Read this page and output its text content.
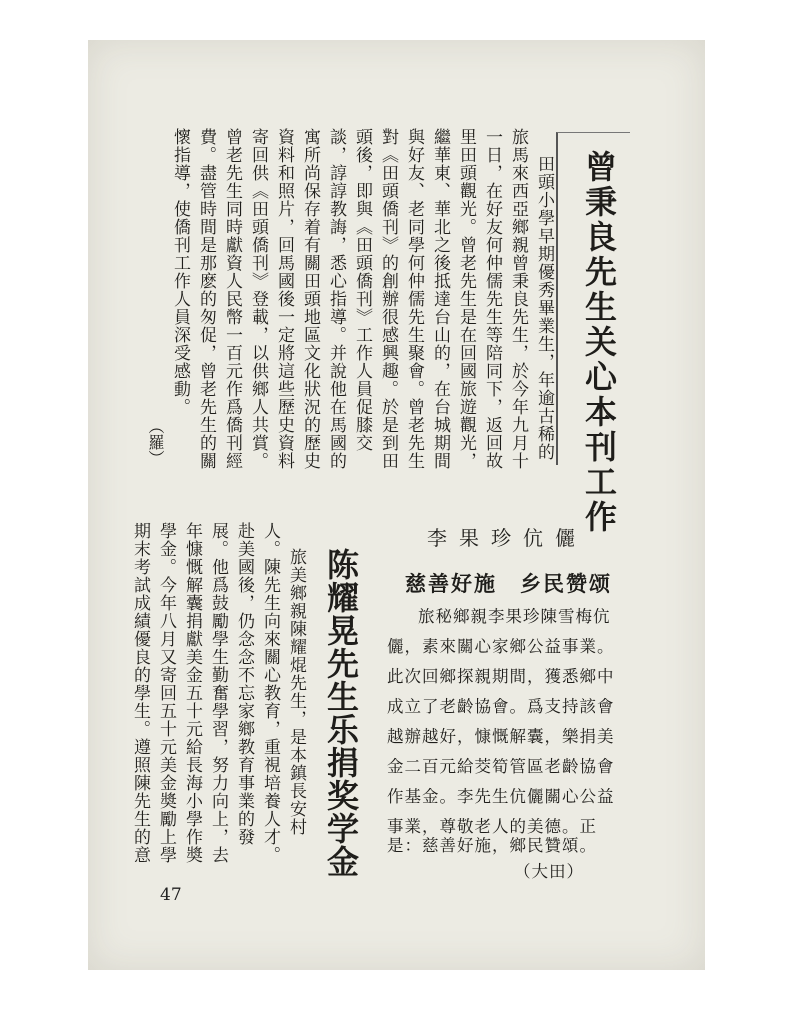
曾秉良先生关心本刊工作
田頭小學早期優秀畢業生，年逾古稀的
旅馬來西亞鄉親曾秉良先生，於今年九月十
一日，在好友何仲儒先生等陪同下，返回故
里田頭觀光。曾老先生是在回國旅遊觀光，
繼華東、華北之後抵達台山的，在台城期間
與好友、老同學何仲儒先生聚會。曾老先生
對《田頭僑刊》的創辦很感興趣。於是到田
頭後，即與《田頭僑刊》工作人員促膝交
談，諄諄教誨，悉心指導。并說他在馬國的
寓所尚保存着有關田頭地區文化狀況的歷史
資料和照片，回馬國後一定將這些歷史資料
寄回供《田頭僑刊》登載，以供鄉人共賞。
曾老先生同時獻資人民幣一百元作爲僑刊經
費。盡管時間是那麽的匆促，曾老先生的關
懷指導，使僑刊工作人員深受感動。
（羅）
陈耀晃先生乐捐奖学金
旅美鄉親陳耀焜先生，是本鎮長安村
人。陳先生向來關心教育，重視培養人才。
赴美國後，仍念念不忘家鄉教育事業的發
展。他爲鼓勵學生勤奮學習，努力向上，去
年慷慨解囊捐獻美金五十元給長海小學作奬
學金。今年八月又寄回五十元美金奬勵上學
期末考試成績優良的學生。遵照陳先生的意	李果珍伉儷
慈善好施　乡民赞颂
旅秘鄉親李果珍陳雪梅伉
儷，素來關心家鄉公益事業。
此次回鄉探親期間，獲悉鄉中
成立了老齡協會。爲支持該會
越辦越好，慷慨解囊，樂捐美
金二百元給茭筍管區老齡協會
作基金。李先生伉儷關心公益
事業，尊敬老人的美德。正
是：慈善好施，鄉民贊頌。
（大田）
47
